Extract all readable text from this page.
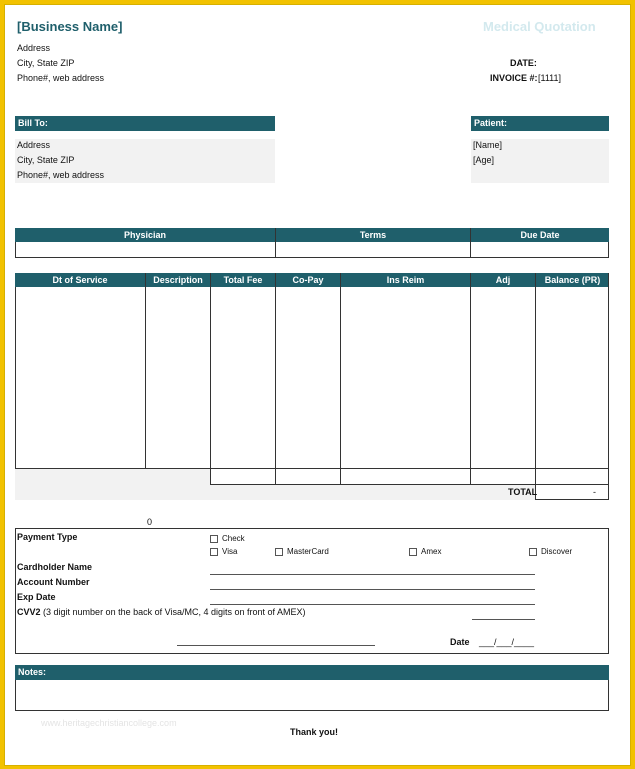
[Business Name]	Medical Quotation
Address
City, State ZIP
Phone#, web address
DATE:
INVOICE #: [1111]
Bill To:
Address
City, State ZIP
Phone#, web address
Patient:
[Name]
[Age]
Physician	Terms	Due Date
Dt of Service	Description	Total Fee	Co-Pay	Ins Reim	Adj	Balance (PR)
TOTAL	-
0
Payment Type	Check
Visa	MasterCard	Amex	Discover
Cardholder Name
Account Number
Exp Date
CVV2 (3 digit number on the back of Visa/MC, 4 digits on front of AMEX)
Date ___/___/____
Notes:
www.heritagechristiancollege.com
Thank you!
